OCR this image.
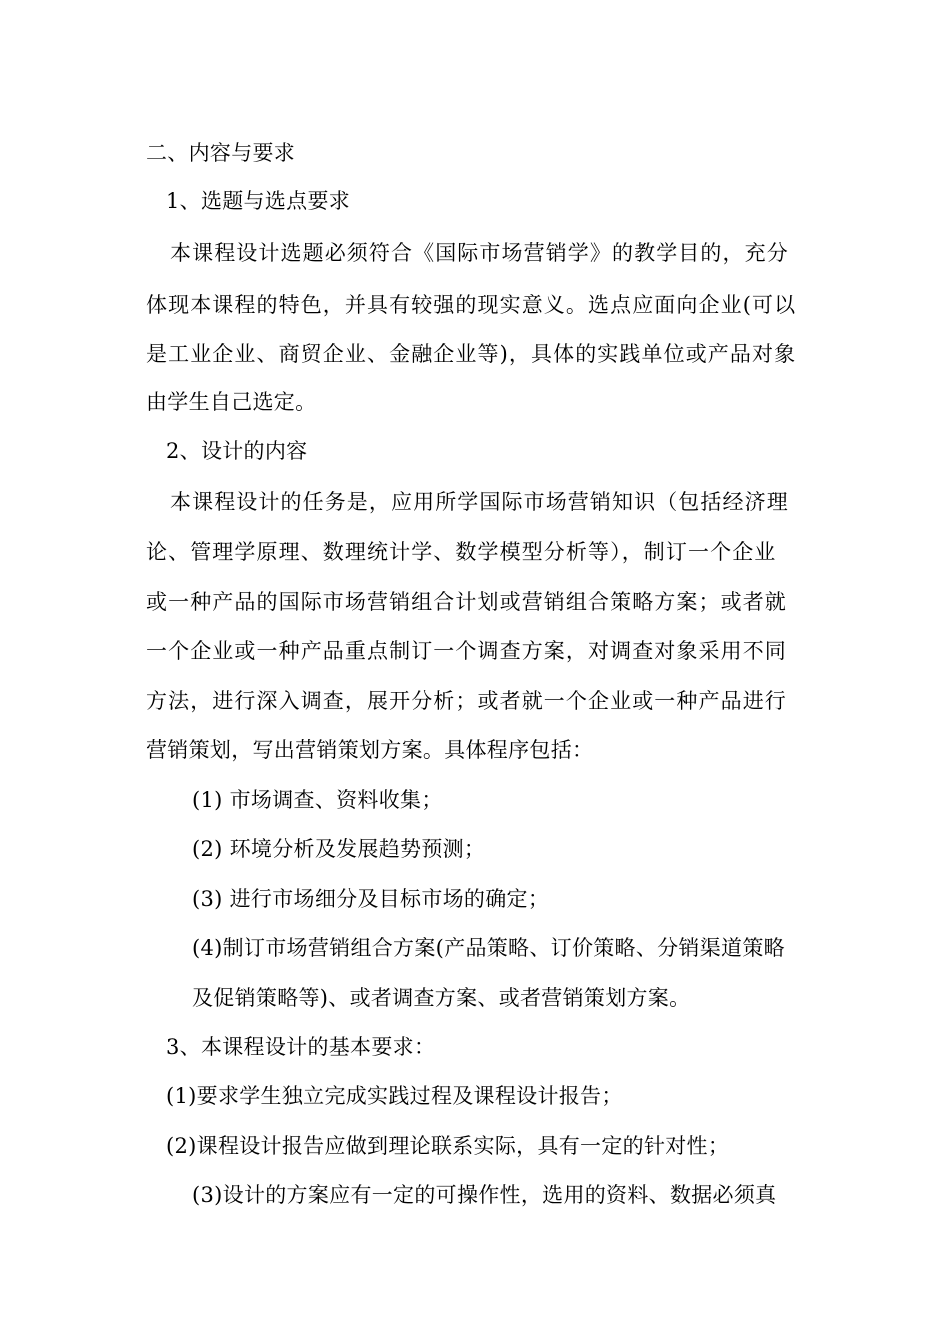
二、内容与要求
1、选题与选点要求
本课程设计选题必须符合《国际市场营销学》的教学目的，充分
体现本课程的特色，并具有较强的现实意义。选点应面向企业(可以
是工业企业、商贸企业、金融企业等)，具体的实践单位或产品对象
由学生自己选定。
2、设计的内容
本课程设计的任务是，应用所学国际市场营销知识（包括经济理
论、管理学原理、数理统计学、数学模型分析等），制订一个企业
或一种产品的国际市场营销组合计划或营销组合策略方案；或者就
一个企业或一种产品重点制订一个调查方案，对调查对象采用不同
方法，进行深入调查，展开分析；或者就一个企业或一种产品进行
营销策划，写出营销策划方案。具体程序包括：
(1) 市场调查、资料收集；
(2) 环境分析及发展趋势预测；
(3) 进行市场细分及目标市场的确定；
(4)制订市场营销组合方案(产品策略、订价策略、分销渠道策略
及促销策略等)、或者调查方案、或者营销策划方案。
3、本课程设计的基本要求：
(1)要求学生独立完成实践过程及课程设计报告；
(2)课程设计报告应做到理论联系实际，具有一定的针对性；
(3)设计的方案应有一定的可操作性，选用的资料、数据必须真
